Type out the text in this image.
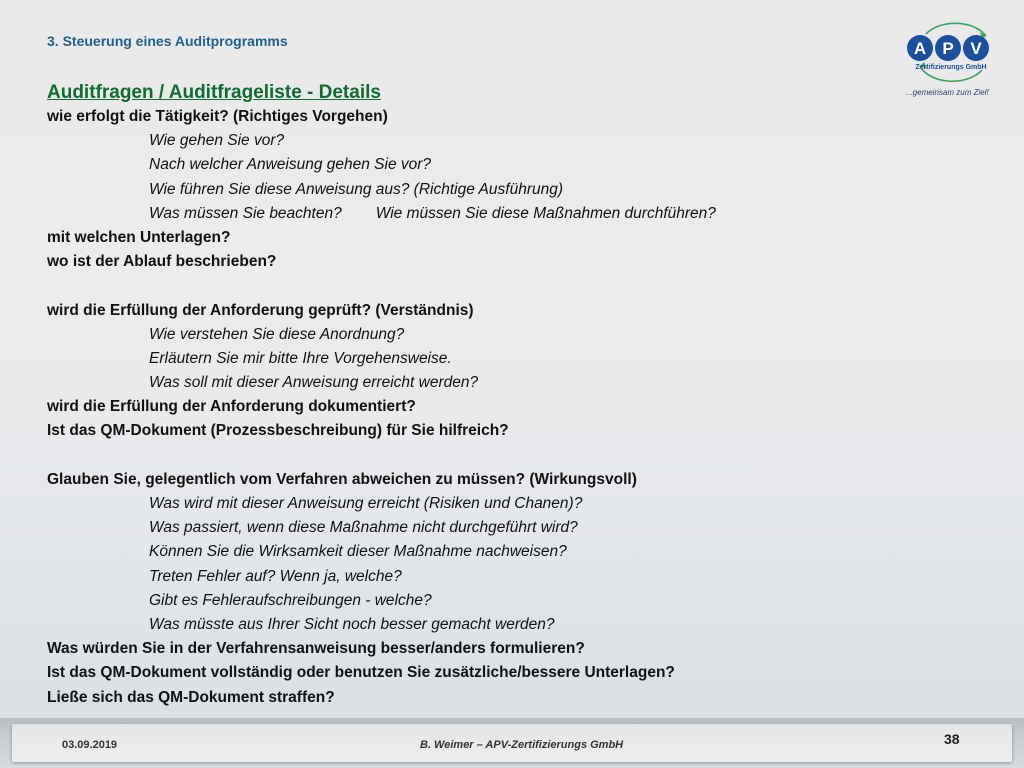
3. Steuerung eines Auditprogramms	A P V
Zertifizierungs GmbH
...gemeinsam zum Ziel!
Auditfragen / Auditfrageliste - Details
wie erfolgt die Tätigkeit? (Richtiges Vorgehen)
Wie gehen Sie vor?
Nach welcher Anweisung gehen Sie vor?
Wie führen Sie diese Anweisung aus? (Richtige Ausführung)
Was müssen Sie beachten? Wie müssen Sie diese Maßnahmen durchführen?
mit welchen Unterlagen?
wo ist der Ablauf beschrieben?
wird die Erfüllung der Anforderung geprüft? (Verständnis)
Wie verstehen Sie diese Anordnung?
Erläutern Sie mir bitte Ihre Vorgehensweise.
Was soll mit dieser Anweisung erreicht werden?
wird die Erfüllung der Anforderung dokumentiert?
Ist das QM-Dokument (Prozessbeschreibung) für Sie hilfreich?
Glauben Sie, gelegentlich vom Verfahren abweichen zu müssen? (Wirkungsvoll)
Was wird mit dieser Anweisung erreicht (Risiken und Chanen)?
Was passiert, wenn diese Maßnahme nicht durchgeführt wird?
Können Sie die Wirksamkeit dieser Maßnahme nachweisen?
Treten Fehler auf? Wenn ja, welche?
Gibt es Fehleraufschreibungen - welche?
Was müsste aus Ihrer Sicht noch besser gemacht werden?
Was würden Sie in der Verfahrensanweisung besser/anders formulieren?
Ist das QM-Dokument vollständig oder benutzen Sie zusätzliche/bessere Unterlagen?
Ließe sich das QM-Dokument straffen?
03.09.2019	B. Weimer – APV-Zertifizierungs GmbH	38
